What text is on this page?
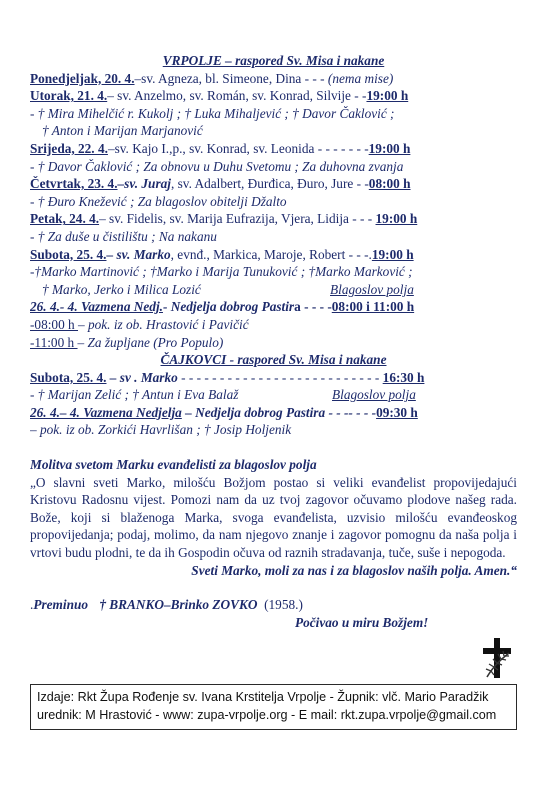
VRPOLJE – raspored Sv. Misa i nakane
Ponedjeljak, 20. 4.–sv. Agneza, bl. Simeone, Dina - - - (nema mise)
Utorak, 21. 4.– sv. Anzelmo, sv. Román, sv. Konrad, Silvije - -19:00 h
- † Mira Mihelčić r. Kukolj ; † Luka Mihaljević ; † Davor Čaklović ;
† Anton i Marijan Marjanović
Srijeda, 22. 4.–sv. Kajo I.,p., sv. Konrad, sv. Leonida - - - - - - -19:00 h
- † Davor Čaklović ; Za obnovu u Duhu Svetomu ; Za duhovna zvanja
Četvrtak, 23. 4.–sv. Juraj, sv. Adalbert, Đurđica, Đuro, Jure - -08:00 h
- † Đuro Knežević ; Za blagoslov obitelji Džalto
Petak, 24. 4.– sv. Fidelis, sv. Marija Eufrazija, Vjera, Lidija - - - 19:00 h
- † Za duše u čistilištu ; Na nakanu
Subota, 25. 4.– sv. Marko, evnđ., Markica, Maroje, Robert - - -.19:00 h
-†Marko Martinović ; †Marko i Marija Tunuković ; †Marko Marković ;
† Marko, Jerko i Milica Lozić	Blagoslov polja
26. 4.- 4. Vazmena Nedj.- Nedjelja dobrog Pastira - - - -08:00 i 11:00 h
-08:00 h – pok. iz ob. Hrastović i Pavičić
-11:00 h – Za župljane (Pro Populo)
ČAJKOVCI - raspored Sv. Misa i nakane
Subota, 25. 4. – sv . Marko - - - - - - - - - - - - - - - - - - - - - - - - - - 16:30 h
- † Marijan Zelić ; † Antun i Eva Balaž	Blagoslov polja
26. 4.– 4. Vazmena Nedjelja – Nedjelja dobrog Pastira - - -- - - -09:30 h
– pok. iz ob. Zorkići Havrlišan ; † Josip Holjenik
Molitva svetom Marku evanđelisti za blagoslov polja
„O slavni sveti Marko, milošću Božjom postao si veliki evanđelist propovijedajući Kristovu Radosnu vijest. Pomozi nam da uz tvoj zagovor očuvamo plodove našeg rada. Bože, koji si blaženoga Marka, svoga evanđelista, uzvisio milošću evanđeoskog propovijedanja; podaj, molimo, da nam njegovo znanje i zagovor pomognu da naša polja i vrtovi budu plodni, te da ih Gospodin očuva od raznih stradavanja, tuče, suše i nepogoda.
Sveti Marko, moli za nas i za blagoslov naših polja. Amen.“
.Preminuo † BRANKO–Brinko ZOVKO (1958.)
Počivao u miru Božjem!
Izdaje: Rkt Župa Rođenje sv. Ivana Krstitelja Vrpolje - Župnik: vlč. Mario Paradžik
urednik: M Hrastović - www: zupa-vrpolje.org - E mail: rkt.zupa.vrpolje@gmail.com
